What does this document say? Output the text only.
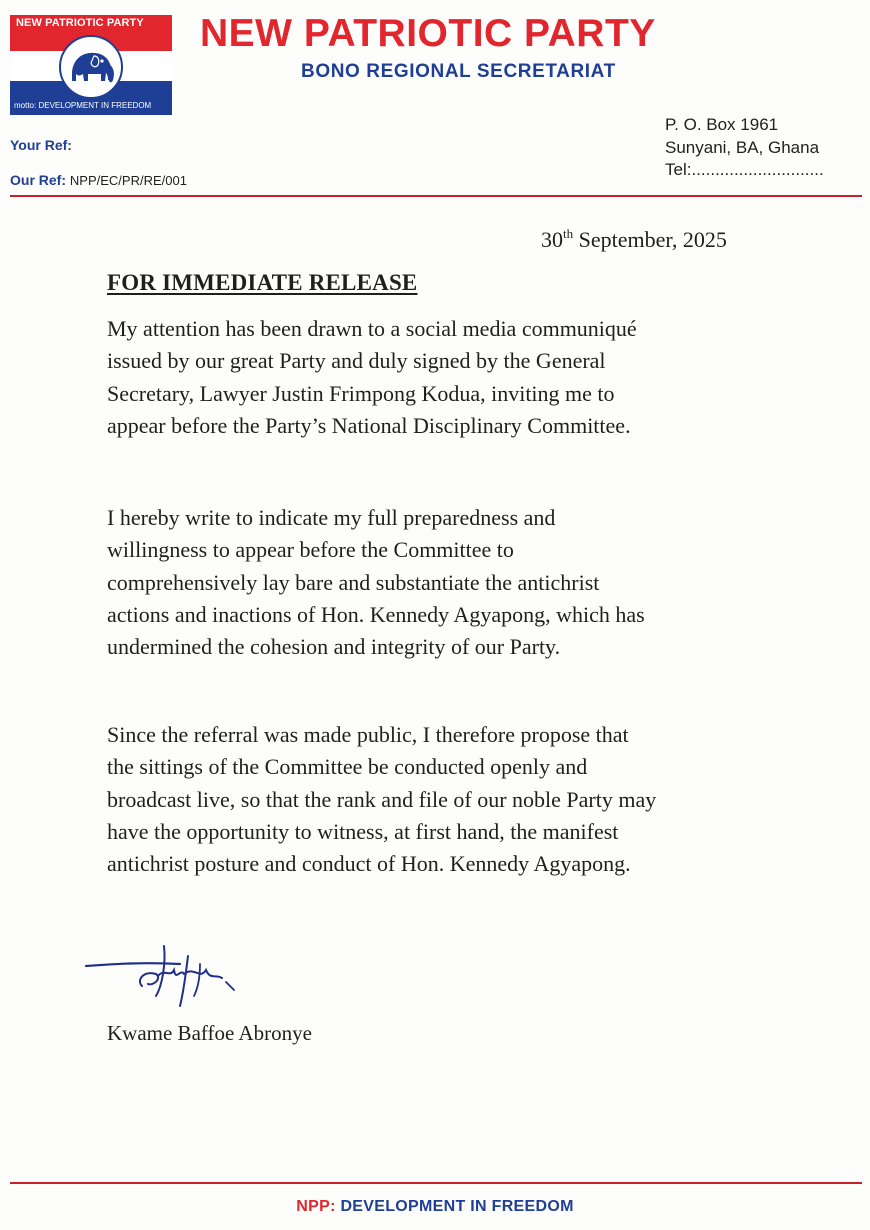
NEW PATRIOTIC PARTY
motto: DEVELOPMENT IN FREEDOM
NEW PATRIOTIC PARTY
BONO REGIONAL SECRETARIAT
Your Ref:
Our Ref: NPP/EC/PR/RE/001
P. O. Box 1961
Sunyani, BA, Ghana
Tel:............................
30th September, 2025
FOR IMMEDIATE RELEASE
My attention has been drawn to a social media communiqué
issued by our great Party and duly signed by the General
Secretary, Lawyer Justin Frimpong Kodua, inviting me to
appear before the Party’s National Disciplinary Committee.
I hereby write to indicate my full preparedness and
willingness to appear before the Committee to
comprehensively lay bare and substantiate the antichrist
actions and inactions of Hon. Kennedy Agyapong, which has
undermined the cohesion and integrity of our Party.
Since the referral was made public, I therefore propose that
the sittings of the Committee be conducted openly and
broadcast live, so that the rank and file of our noble Party may
have the opportunity to witness, at first hand, the manifest
antichrist posture and conduct of Hon. Kennedy Agyapong.
Kwame Baffoe Abronye
NPP: DEVELOPMENT IN FREEDOM
